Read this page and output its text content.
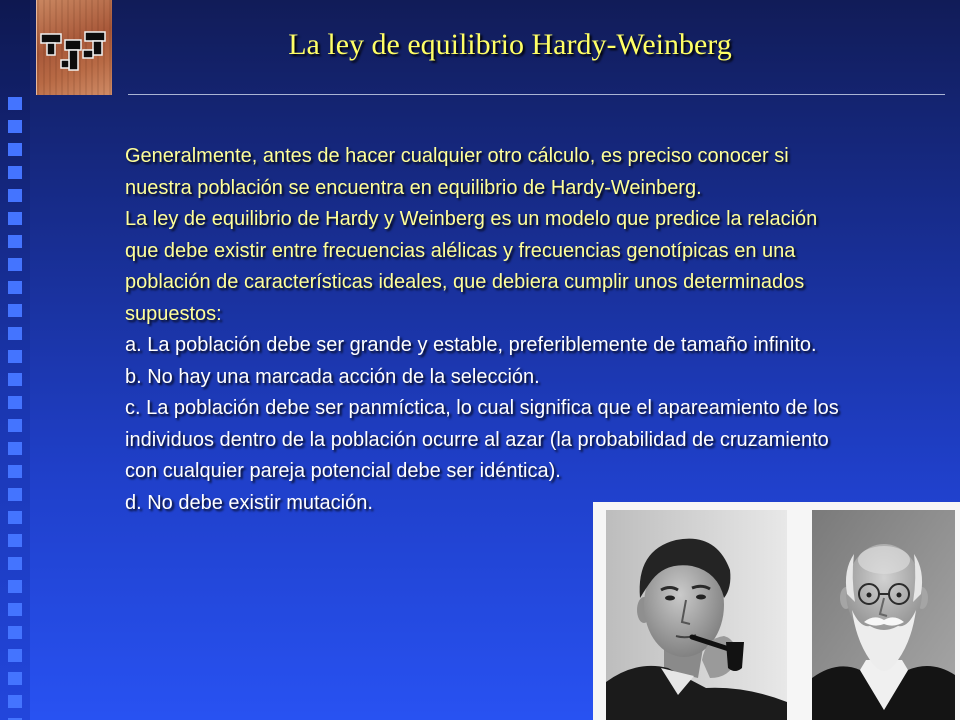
La ley de equilibrio Hardy-Weinberg
Generalmente, antes de hacer cualquier otro cálculo, es preciso conocer si
nuestra población se encuentra en equilibrio de Hardy-Weinberg.
La ley de equilibrio de Hardy y Weinberg es un modelo que predice la relación
que debe existir entre frecuencias alélicas y frecuencias genotípicas en una
población de características ideales, que debiera cumplir unos determinados
supuestos:
a. La población debe ser grande y estable, preferiblemente de tamaño infinito.
b. No hay una marcada acción de la selección.
c. La población debe ser panmíctica, lo cual significa que el apareamiento de los
individuos dentro de la población ocurre al azar (la probabilidad de cruzamiento
con cualquier pareja potencial debe ser idéntica).
d. No debe existir mutación.
